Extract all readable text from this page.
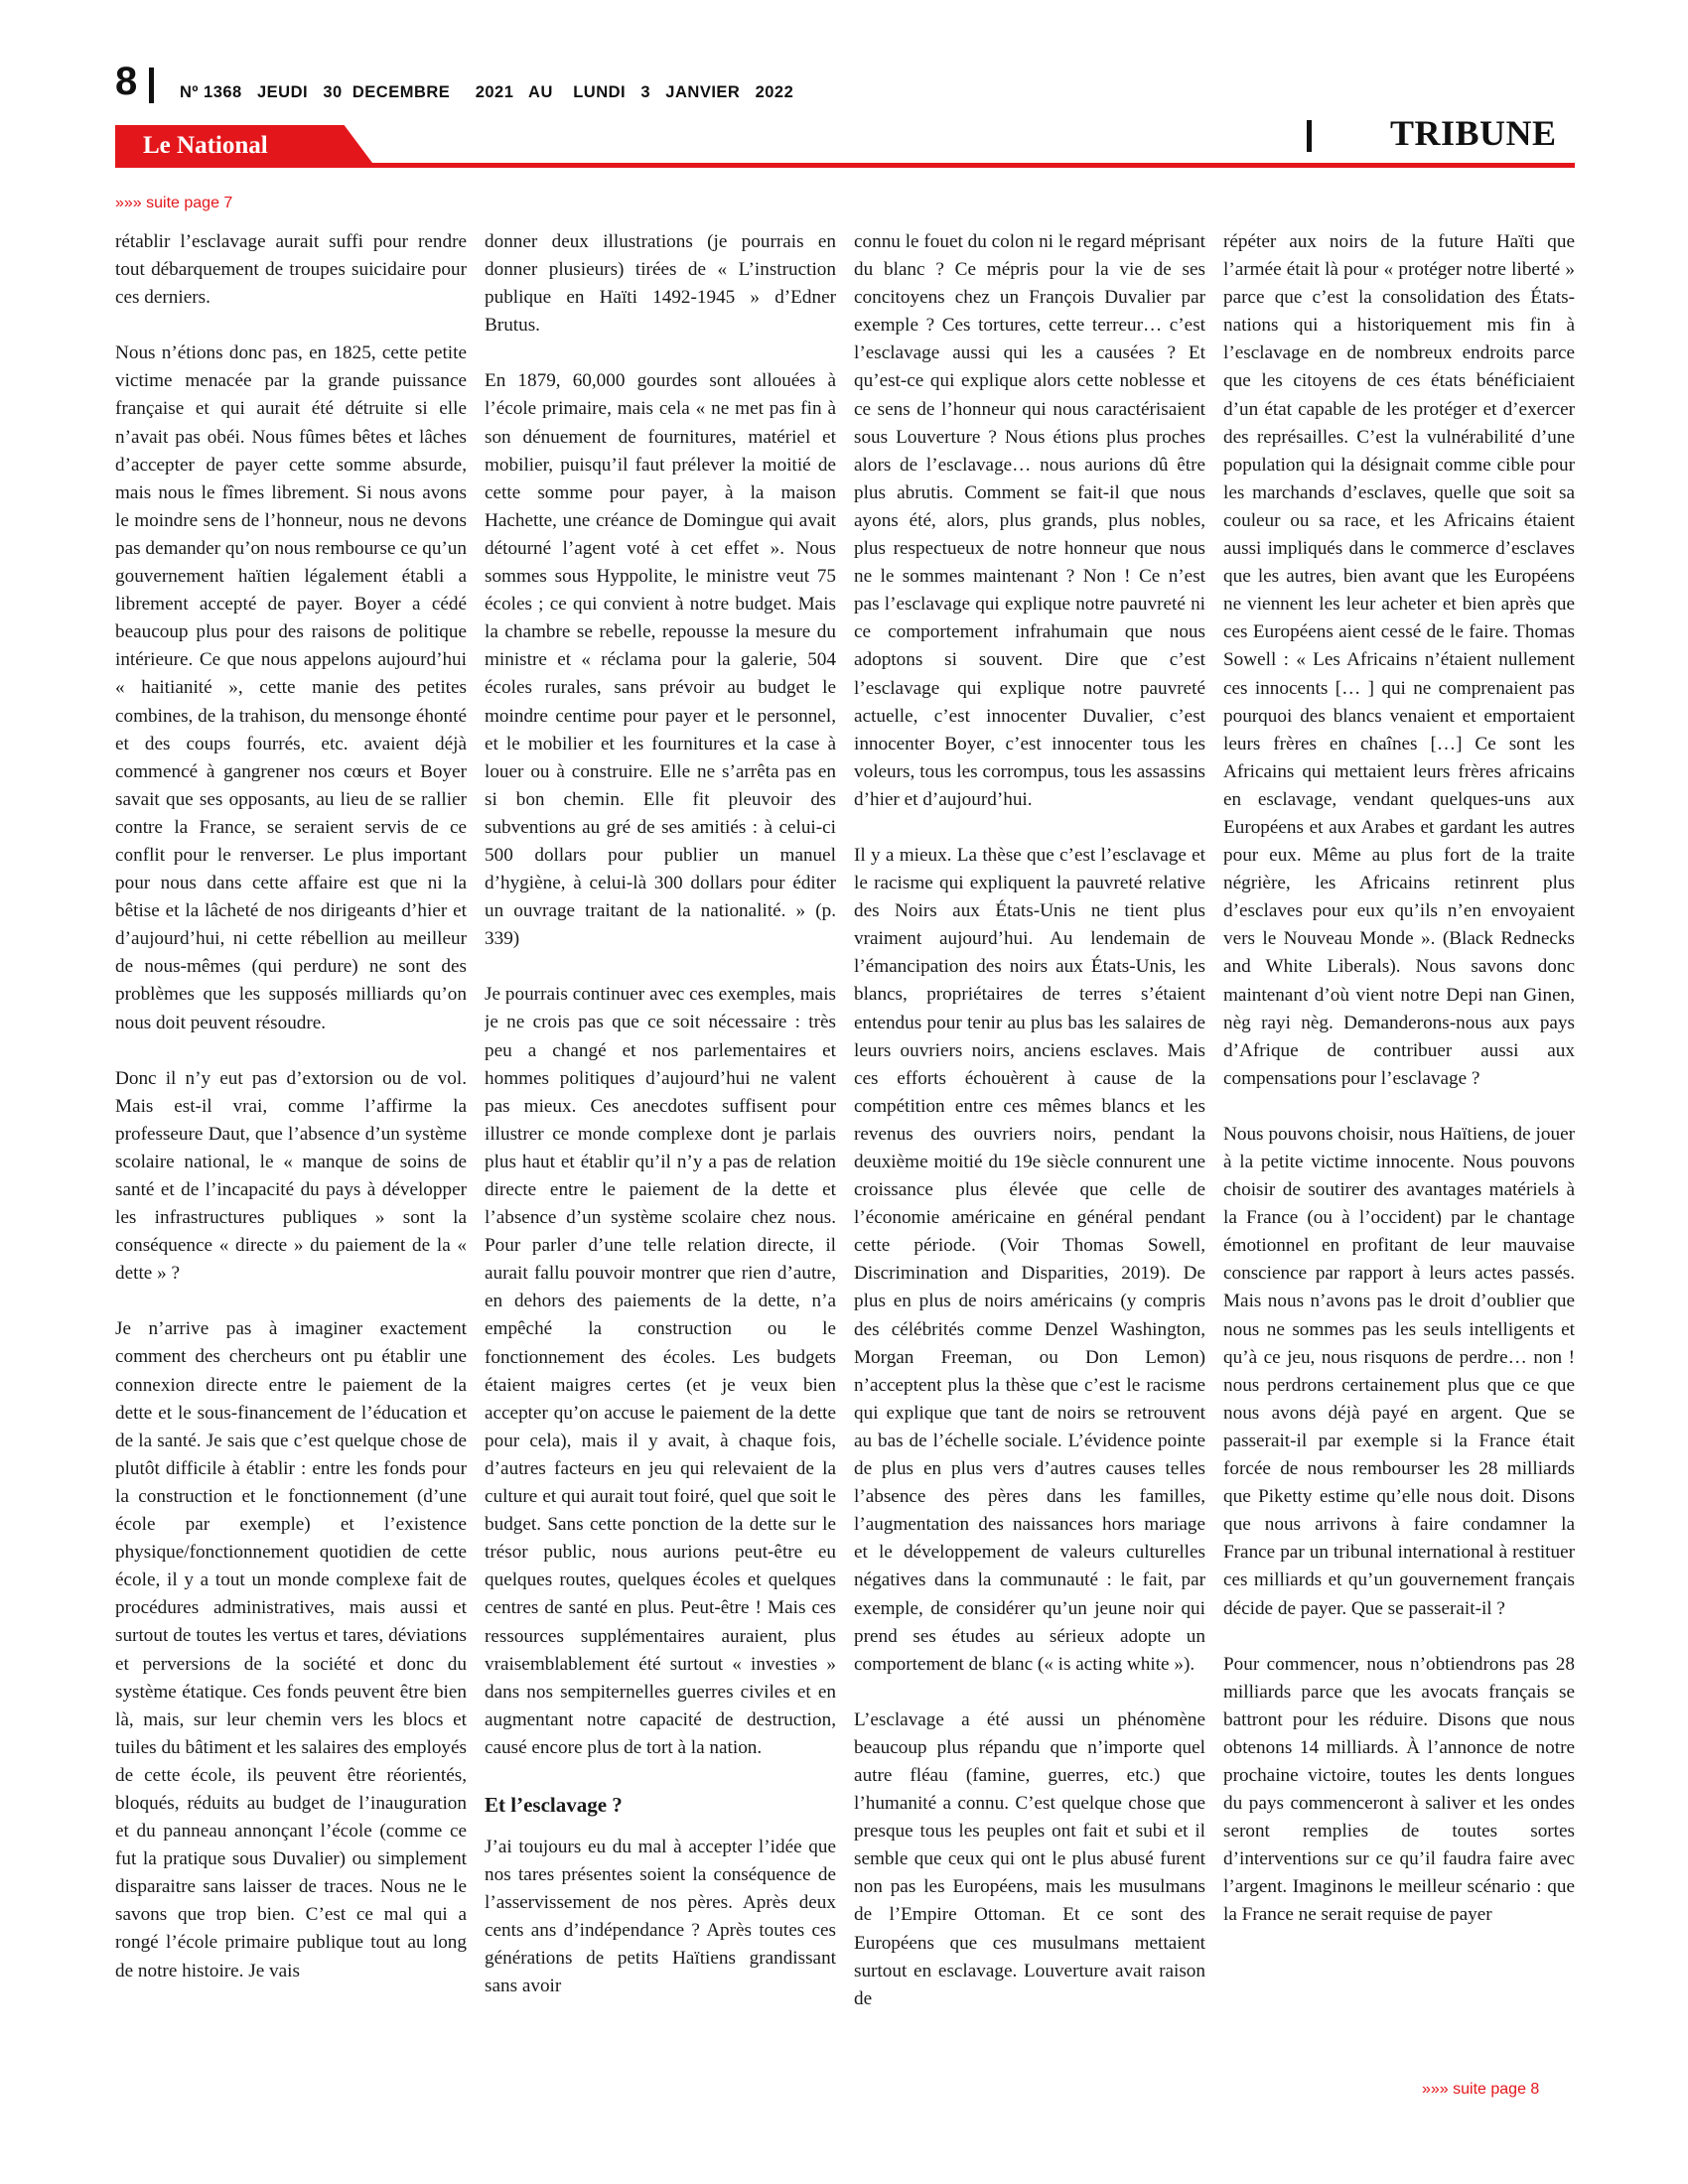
8	Nº 1368   JEUDI   30  DECEMBRE     2021   AU    LUNDI   3   JANVIER   2022
Le National	TRIBUNE
»»» suite page 7

rétablir l’esclavage aurait suffi pour rendre tout débarquement de troupes suicidaire pour ces derniers.

Nous n’étions donc pas, en 1825, cette petite victime menacée par la grande puissance française et qui aurait été détruite si elle n’avait pas obéi. Nous fûmes bêtes et lâches d’accepter de payer cette somme absurde, mais nous le fîmes librement. Si nous avons le moindre sens de l’honneur, nous ne devons pas demander qu’on nous rembourse ce qu’un gouvernement haïtien légalement établi a librement accepté de payer. Boyer a cédé beaucoup plus pour des raisons de politique intérieure. Ce que nous appelons aujourd’hui « haitianité », cette manie des petites combines, de la trahison, du mensonge éhonté et des coups fourrés, etc. avaient déjà commencé à gangrener nos cœurs et Boyer savait que ses opposants, au lieu de se rallier contre la France, se seraient servis de ce conflit pour le renverser. Le plus important pour nous dans cette affaire est que ni la bêtise et la lâcheté de nos dirigeants d’hier et d’aujourd’hui, ni cette rébellion au meilleur de nous-mêmes (qui perdure) ne sont des problèmes que les supposés milliards qu’on nous doit peuvent résoudre.

Donc il n’y eut pas d’extorsion ou de vol. Mais est-il vrai, comme l’affirme la professeure Daut, que l’absence d’un système scolaire national, le « manque de soins de santé et de l’incapacité du pays à développer les infrastructures publiques » sont la conséquence « directe » du paiement de la « dette » ?

Je n’arrive pas à imaginer exactement comment des chercheurs ont pu établir une connexion directe entre le paiement de la dette et le sous-financement de l’éducation et de la santé. Je sais que c’est quelque chose de plutôt difficile à établir : entre les fonds pour la construction et le fonctionnement (d’une école par exemple) et l’existence physique/fonctionnement quotidien de cette école, il y a tout un monde complexe fait de procédures administratives, mais aussi et surtout de toutes les vertus et tares, déviations et perversions de la société et donc du système étatique. Ces fonds peuvent être bien là, mais, sur leur chemin vers les blocs et tuiles du bâtiment et les salaires des employés de cette école, ils peuvent être réorientés, bloqués, réduits au budget de l’inauguration et du panneau annonçant l’école (comme ce fut la pratique sous Duvalier) ou simplement disparaitre sans laisser de traces. Nous ne le savons que trop bien. C’est ce mal qui a rongé l’école primaire publique tout au long de notre histoire. Je vais

donner deux illustrations (je pourrais en donner plusieurs) tirées de « L’instruction publique en Haïti 1492-1945 » d’Edner Brutus.

En 1879, 60,000 gourdes sont allouées à l’école primaire, mais cela « ne met pas fin à son dénuement de fournitures, matériel et mobilier, puisqu’il faut prélever la moitié de cette somme pour payer, à la maison Hachette, une créance de Domingue qui avait détourné l’agent voté à cet effet ». Nous sommes sous Hyppolite, le ministre veut 75 écoles ; ce qui convient à notre budget. Mais la chambre se rebelle, repousse la mesure du ministre et « réclama pour la galerie, 504 écoles rurales, sans prévoir au budget le moindre centime pour payer et le personnel, et le mobilier et les fournitures et la case à louer ou à construire. Elle ne s’arrêta pas en si bon chemin. Elle fit pleuvoir des subventions au gré de ses amitiés : à celui-ci 500 dollars pour publier un manuel d’hygiène, à celui-là 300 dollars pour éditer un ouvrage traitant de la nationalité. » (p. 339)

Je pourrais continuer avec ces exemples, mais je ne crois pas que ce soit nécessaire : très peu a changé et nos parlementaires et hommes politiques d’aujourd’hui ne valent pas mieux. Ces anecdotes suffisent pour illustrer ce monde complexe dont je parlais plus haut et établir qu’il n’y a pas de relation directe entre le paiement de la dette et l’absence d’un système scolaire chez nous. Pour parler d’une telle relation directe, il aurait fallu pouvoir montrer que rien d’autre, en dehors des paiements de la dette, n’a empêché la construction ou le fonctionnement des écoles. Les budgets étaient maigres certes (et je veux bien accepter qu’on accuse le paiement de la dette pour cela), mais il y avait, à chaque fois, d’autres facteurs en jeu qui relevaient de la culture et qui aurait tout foiré, quel que soit le budget. Sans cette ponction de la dette sur le trésor public, nous aurions peut-être eu quelques routes, quelques écoles et quelques centres de santé en plus. Peut-être ! Mais ces ressources supplémentaires auraient, plus vraisemblablement été surtout « investies » dans nos sempiternelles guerres civiles et en augmentant notre capacité de destruction, causé encore plus de tort à la nation.

Et l’esclavage ?

J’ai toujours eu du mal à accepter l’idée que nos tares présentes soient la conséquence de l’asservissement de nos pères. Après deux cents ans d’indépendance ? Après toutes ces générations de petits Haïtiens grandissant sans avoir

connu le fouet du colon ni le regard méprisant du blanc ? Ce mépris pour la vie de ses concitoyens chez un François Duvalier par exemple ? Ces tortures, cette terreur… c’est l’esclavage aussi qui les a causées ? Et qu’est-ce qui explique alors cette noblesse et ce sens de l’honneur qui nous caractérisaient sous Louverture ? Nous étions plus proches alors de l’esclavage… nous aurions dû être plus abrutis. Comment se fait-il que nous ayons été, alors, plus grands, plus nobles, plus respectueux de notre honneur que nous ne le sommes maintenant ? Non ! Ce n’est pas l’esclavage qui explique notre pauvreté ni ce comportement infrahumain que nous adoptons si souvent. Dire que c’est l’esclavage qui explique notre pauvreté actuelle, c’est innocenter Duvalier, c’est innocenter Boyer, c’est innocenter tous les voleurs, tous les corrompus, tous les assassins d’hier et d’aujourd’hui.

Il y a mieux. La thèse que c’est l’esclavage et le racisme qui expliquent la pauvreté relative des Noirs aux États-Unis ne tient plus vraiment aujourd’hui. Au lendemain de l’émancipation des noirs aux États-Unis, les blancs, propriétaires de terres s’étaient entendus pour tenir au plus bas les salaires de leurs ouvriers noirs, anciens esclaves. Mais ces efforts échouèrent à cause de la compétition entre ces mêmes blancs et les revenus des ouvriers noirs, pendant la deuxième moitié du 19e siècle connurent une croissance plus élevée que celle de l’économie américaine en général pendant cette période. (Voir Thomas Sowell, Discrimination and Disparities, 2019). De plus en plus de noirs américains (y compris des célébrités comme Denzel Washington, Morgan Freeman, ou Don Lemon) n’acceptent plus la thèse que c’est le racisme qui explique que tant de noirs se retrouvent au bas de l’échelle sociale. L’évidence pointe de plus en plus vers d’autres causes telles l’absence des pères dans les familles, l’augmentation des naissances hors mariage et le développement de valeurs culturelles négatives dans la communauté : le fait, par exemple, de considérer qu’un jeune noir qui prend ses études au sérieux adopte un comportement de blanc (« is acting white »).

L’esclavage a été aussi un phénomène beaucoup plus répandu que n’importe quel autre fléau (famine, guerres, etc.) que l’humanité a connu. C’est quelque chose que presque tous les peuples ont fait et subi et il semble que ceux qui ont le plus abusé furent non pas les Européens, mais les musulmans de l’Empire Ottoman. Et ce sont des Européens que ces musulmans mettaient surtout en esclavage. Louverture avait raison de

répéter aux noirs de la future Haïti que l’armée était là pour « protéger notre liberté » parce que c’est la consolidation des États-nations qui a historiquement mis fin à l’esclavage en de nombreux endroits parce que les citoyens de ces états bénéficiaient d’un état capable de les protéger et d’exercer des représailles. C’est la vulnérabilité d’une population qui la désignait comme cible pour les marchands d’esclaves, quelle que soit sa couleur ou sa race, et les Africains étaient aussi impliqués dans le commerce d’esclaves que les autres, bien avant que les Européens ne viennent les leur acheter et bien après que ces Européens aient cessé de le faire. Thomas Sowell : « Les Africains n’étaient nullement ces innocents [… ] qui ne comprenaient pas pourquoi des blancs venaient et emportaient leurs frères en chaînes […] Ce sont les Africains qui mettaient leurs frères africains en esclavage, vendant quelques-uns aux Européens et aux Arabes et gardant les autres pour eux. Même au plus fort de la traite négrière, les Africains retinrent plus d’esclaves pour eux qu’ils n’en envoyaient vers le Nouveau Monde ». (Black Rednecks and White Liberals). Nous savons donc maintenant d’où vient notre Depi nan Ginen, nèg rayi nèg. Demanderons-nous aux pays d’Afrique de contribuer aussi aux compensations pour l’esclavage ?

Nous pouvons choisir, nous Haïtiens, de jouer à la petite victime innocente. Nous pouvons choisir de soutirer des avantages matériels à la France (ou à l’occident) par le chantage émotionnel en profitant de leur mauvaise conscience par rapport à leurs actes passés. Mais nous n’avons pas le droit d’oublier que nous ne sommes pas les seuls intelligents et qu’à ce jeu, nous risquons de perdre… non ! nous perdrons certainement plus que ce que nous avons déjà payé en argent. Que se passerait-il par exemple si la France était forcée de nous rembourser les 28 milliards que Piketty estime qu’elle nous doit. Disons que nous arrivons à faire condamner la France par un tribunal international à restituer ces milliards et qu’un gouvernement français décide de payer. Que se passerait-il ?

Pour commencer, nous n’obtiendrons pas 28 milliards parce que les avocats français se battront pour les réduire. Disons que nous obtenons 14 milliards. À l’annonce de notre prochaine victoire, toutes les dents longues du pays commenceront à saliver et les ondes seront remplies de toutes sortes d’interventions sur ce qu’il faudra faire avec l’argent. Imaginons le meilleur scénario : que la France ne serait requise de payer

»»» suite page 8
